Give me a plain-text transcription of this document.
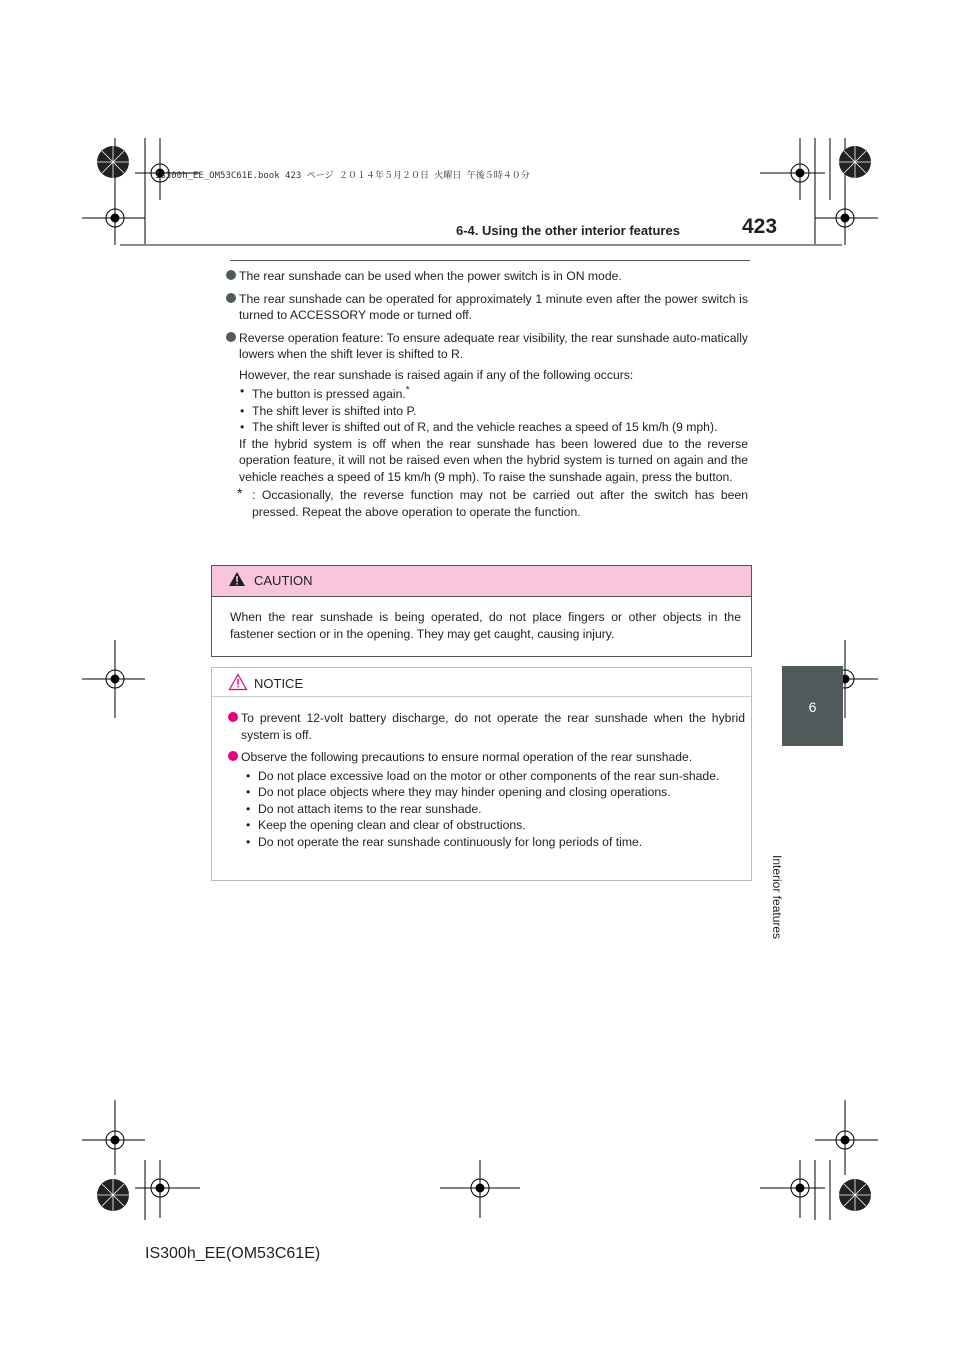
IS300h_EE_OM53C61E.book 423 ページ ２０１４年５月２０日 火曜日 午後５時４０分
6-4. Using the other interior features	423
6
Interior features
The rear sunshade can be used when the power switch is in ON mode.
The rear sunshade can be operated for approximately 1 minute even after the power switch is turned to ACCESSORY mode or turned off.
Reverse operation feature: To ensure adequate rear visibility, the rear sunshade auto-matically lowers when the shift lever is shifted to R.
However, the rear sunshade is raised again if any of the following occurs:
• The button is pressed again.*
• The shift lever is shifted into P.
• The shift lever is shifted out of R, and the vehicle reaches a speed of 15 km/h (9 mph).
If the hybrid system is off when the rear sunshade has been lowered due to the reverse operation feature, it will not be raised even when the hybrid system is turned on again and the vehicle reaches a speed of 15 km/h (9 mph). To raise the sunshade again, press the button.
* : Occasionally, the reverse function may not be carried out after the switch has been pressed. Repeat the above operation to operate the function.
CAUTION
When the rear sunshade is being operated, do not place fingers or other objects in the fastener section or in the opening. They may get caught, causing injury.
NOTICE
To prevent 12-volt battery discharge, do not operate the rear sunshade when the hybrid system is off.
Observe the following precautions to ensure normal operation of the rear sunshade.
• Do not place excessive load on the motor or other components of the rear sun-shade.
• Do not place objects where they may hinder opening and closing operations.
• Do not attach items to the rear sunshade.
• Keep the opening clean and clear of obstructions.
• Do not operate the rear sunshade continuously for long periods of time.
IS300h_EE(OM53C61E)
